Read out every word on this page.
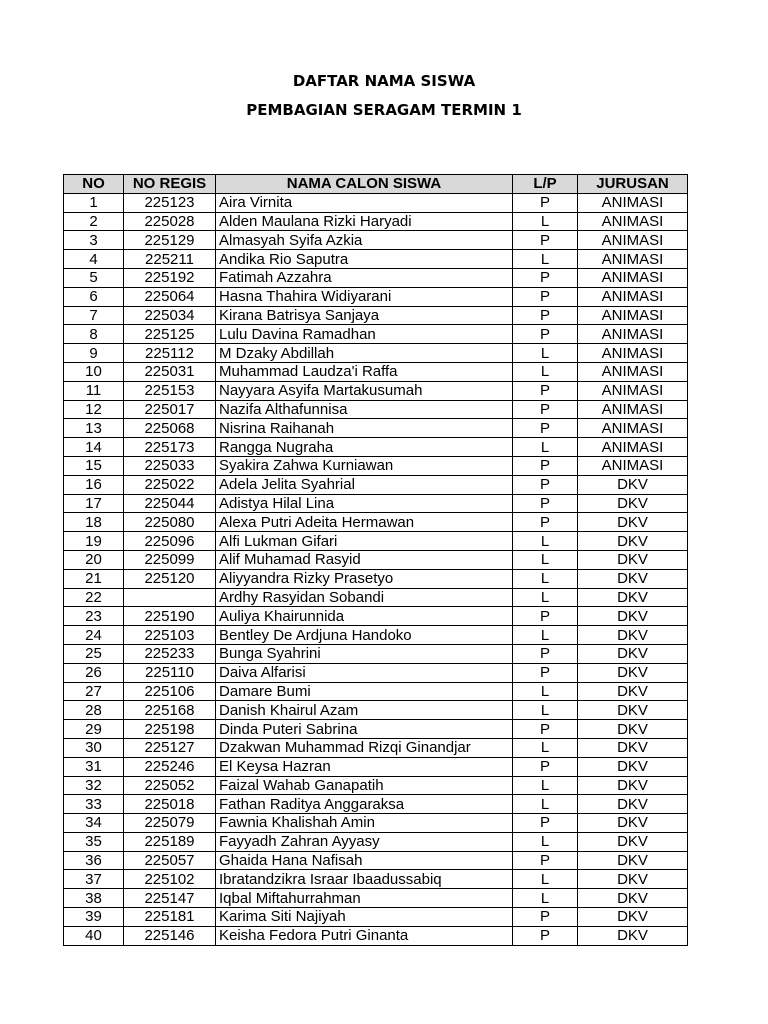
DAFTAR NAMA SISWA
PEMBAGIAN SERAGAM TERMIN 1
NO	NO REGIS	NAMA CALON SISWA	L/P	JURUSAN
1	225123	Aira Virnita	P	ANIMASI
2	225028	Alden Maulana Rizki Haryadi	L	ANIMASI
3	225129	Almasyah Syifa Azkia	P	ANIMASI
4	225211	Andika Rio Saputra	L	ANIMASI
5	225192	Fatimah Azzahra	P	ANIMASI
6	225064	Hasna Thahira Widiyarani	P	ANIMASI
7	225034	Kirana Batrisya Sanjaya	P	ANIMASI
8	225125	Lulu Davina Ramadhan	P	ANIMASI
9	225112	M Dzaky Abdillah	L	ANIMASI
10	225031	Muhammad Laudza'i Raffa	L	ANIMASI
11	225153	Nayyara Asyifa Martakusumah	P	ANIMASI
12	225017	Nazifa Althafunnisa	P	ANIMASI
13	225068	Nisrina Raihanah	P	ANIMASI
14	225173	Rangga Nugraha	L	ANIMASI
15	225033	Syakira Zahwa Kurniawan	P	ANIMASI
16	225022	Adela Jelita Syahrial	P	DKV
17	225044	Adistya Hilal Lina	P	DKV
18	225080	Alexa Putri Adeita Hermawan	P	DKV
19	225096	Alfi Lukman Gifari	L	DKV
20	225099	Alif Muhamad Rasyid	L	DKV
21	225120	Aliyyandra Rizky Prasetyo	L	DKV
22		Ardhy Rasyidan Sobandi	L	DKV
23	225190	Auliya Khairunnida	P	DKV
24	225103	Bentley De Ardjuna Handoko	L	DKV
25	225233	Bunga Syahrini	P	DKV
26	225110	Daiva Alfarisi	P	DKV
27	225106	Damare Bumi	L	DKV
28	225168	Danish Khairul Azam	L	DKV
29	225198	Dinda Puteri Sabrina	P	DKV
30	225127	Dzakwan Muhammad Rizqi Ginandjar	L	DKV
31	225246	El Keysa Hazran	P	DKV
32	225052	Faizal Wahab Ganapatih	L	DKV
33	225018	Fathan Raditya Anggaraksa	L	DKV
34	225079	Fawnia Khalishah Amin	P	DKV
35	225189	Fayyadh Zahran Ayyasy	L	DKV
36	225057	Ghaida Hana Nafisah	P	DKV
37	225102	Ibratandzikra Israar Ibaadussabiq	L	DKV
38	225147	Iqbal Miftahurrahman	L	DKV
39	225181	Karima Siti Najiyah	P	DKV
40	225146	Keisha Fedora Putri Ginanta	P	DKV
